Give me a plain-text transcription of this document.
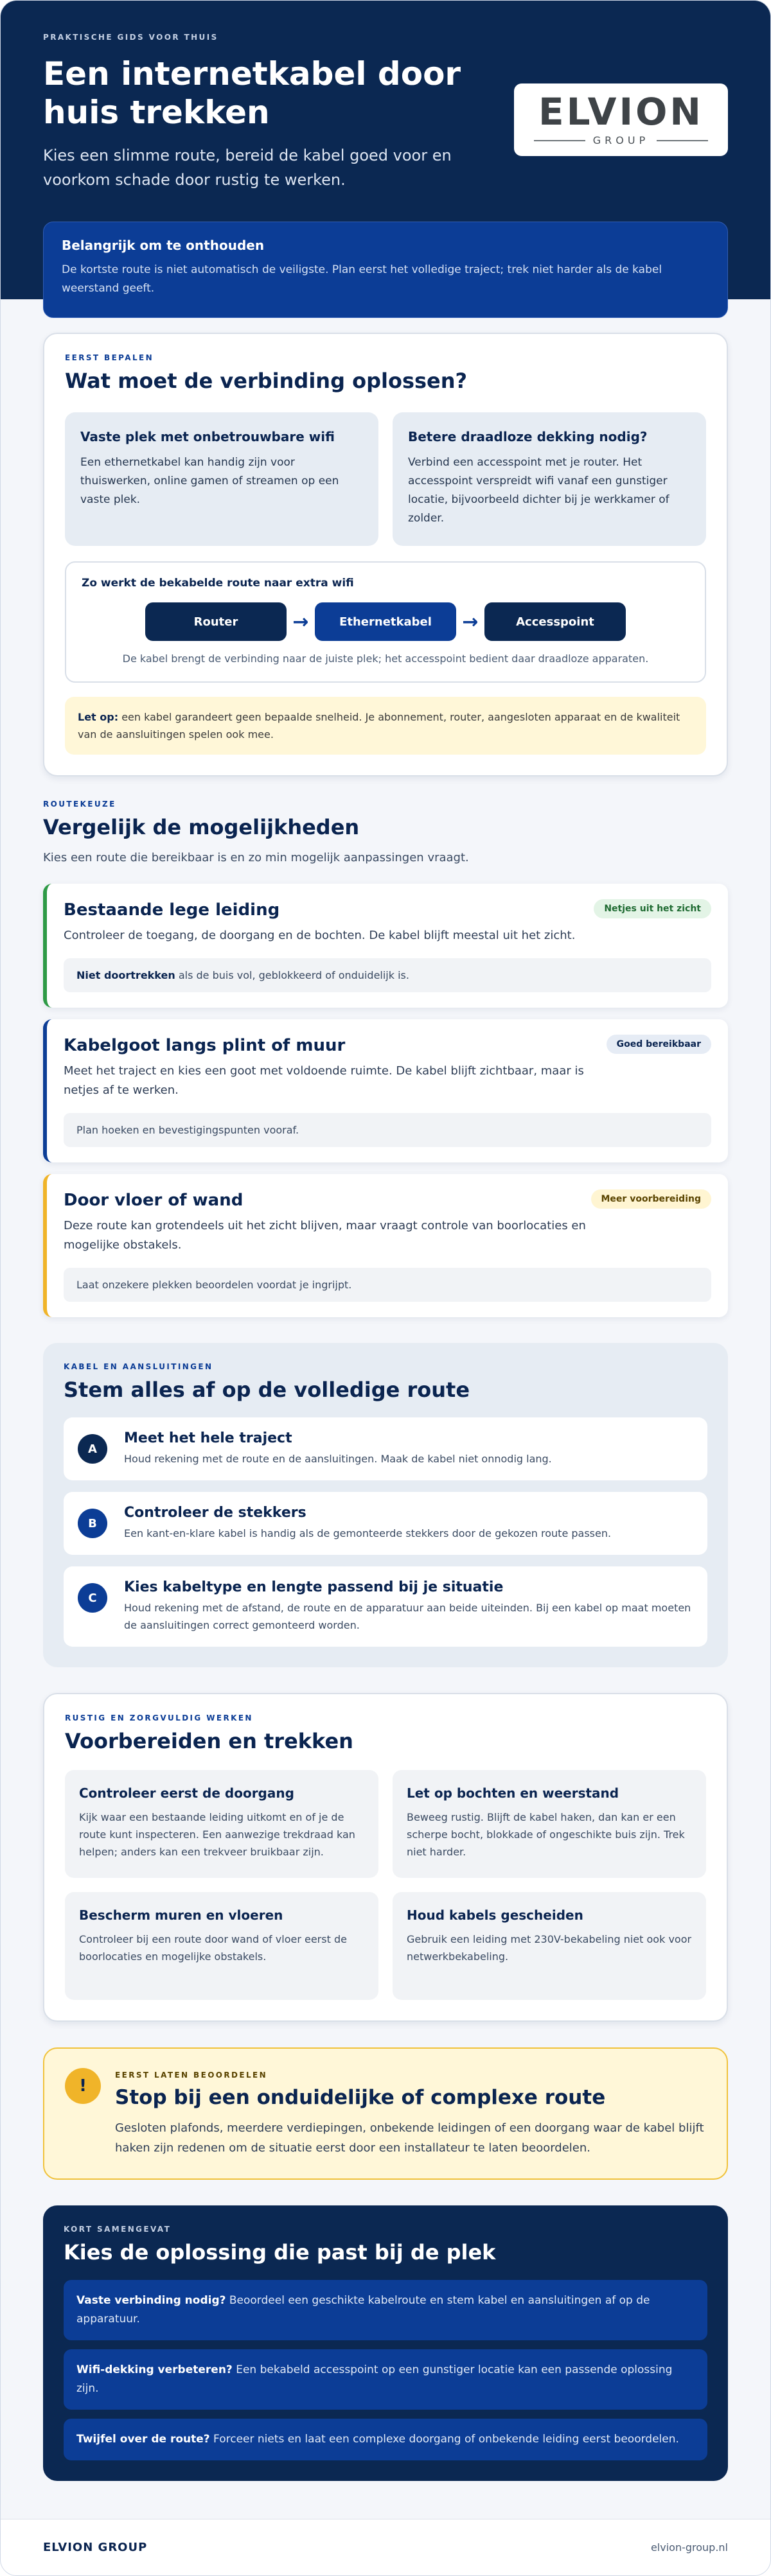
PRAKTISCHE GIDS VOOR THUIS
Een internetkabel door huis trekken

Kies een slimme route, bereid de kabel goed voor en voorkom schade door rustig te werken.

ELVION
GROUP
Belangrijk om te onthouden
De kortste route is niet automatisch de veiligste. Plan eerst het volledige traject; trek niet harder als de kabel weerstand geeft.
EERST BEPALEN
Wat moet de verbinding oplossen?
Vaste plek met onbetrouwbare wifi
Een ethernetkabel kan handig zijn voor thuiswerken, online gamen of streamen op een vaste plek.
Betere draadloze dekking nodig?
Verbind een accesspoint met je router. Het accesspoint verspreidt wifi vanaf een gunstiger locatie, bijvoorbeeld dichter bij je werkkamer of zolder.
Zo werkt de bekabelde route naar extra wifi
Router	→	Ethernetkabel	→	Accesspoint
De kabel brengt de verbinding naar de juiste plek; het accesspoint bedient daar draadloze apparaten.
Let op: een kabel garandeert geen bepaalde snelheid. Je abonnement, router, aangesloten apparaat en de kwaliteit van de aansluitingen spelen ook mee.
ROUTEKEUZE
Vergelijk de mogelijkheden

Kies een route die bereikbaar is en zo min mogelijk aanpassingen vraagt.

Bestaande lege leiding	Netjes uit het zicht
Controleer de toegang, de doorgang en de bochten. De kabel blijft meestal uit het zicht.
Niet doortrekken als de buis vol, geblokkeerd of onduidelijk is.
Kabelgoot langs plint of muur	Goed bereikbaar
Meet het traject en kies een goot met voldoende ruimte. De kabel blijft zichtbaar, maar is netjes af te werken.
Plan hoeken en bevestigingspunten vooraf.
Door vloer of wand	Meer voorbereiding
Deze route kan grotendeels uit het zicht blijven, maar vraagt controle van boorlocaties en mogelijke obstakels.
Laat onzekere plekken beoordelen voordat je ingrijpt.
KABEL EN AANSLUITINGEN
Stem alles af op de volledige route
A
Meet het hele traject
Houd rekening met de route en de aansluitingen. Maak de kabel niet onnodig lang.
B
Controleer de stekkers
Een kant-en-klare kabel is handig als de gemonteerde stekkers door de gekozen route passen.
C
Kies kabeltype en lengte passend bij je situatie
Houd rekening met de afstand, de route en de apparatuur aan beide uiteinden. Bij een kabel op maat moeten de aansluitingen correct gemonteerd worden.
RUSTIG EN ZORGVULDIG WERKEN
Voorbereiden en trekken
Controleer eerst de doorgang
Kijk waar een bestaande leiding uitkomt en of je de route kunt inspecteren. Een aanwezige trekdraad kan helpen; anders kan een trekveer bruikbaar zijn.
Let op bochten en weerstand
Beweeg rustig. Blijft de kabel haken, dan kan er een scherpe bocht, blokkade of ongeschikte buis zijn. Trek niet harder.
Bescherm muren en vloeren
Controleer bij een route door wand of vloer eerst de boorlocaties en mogelijke obstakels.
Houd kabels gescheiden
Gebruik een leiding met 230V-bekabeling niet ook voor netwerkbekabeling.
!
EERST LATEN BEOORDELEN
Stop bij een onduidelijke of complexe route

Gesloten plafonds, meerdere verdiepingen, onbekende leidingen of een doorgang waar de kabel blijft haken zijn redenen om de situatie eerst door een installateur te laten beoordelen.

KORT SAMENGEVAT
Kies de oplossing die past bij de plek
Vaste verbinding nodig? Beoordeel een geschikte kabelroute en stem kabel en aansluitingen af op de apparatuur.
Wifi-dekking verbeteren? Een bekabeld accesspoint op een gunstiger locatie kan een passende oplossing zijn.
Twijfel over de route? Forceer niets en laat een complexe doorgang of onbekende leiding eerst beoordelen.
ELVION GROUP	elvion-group.nl
